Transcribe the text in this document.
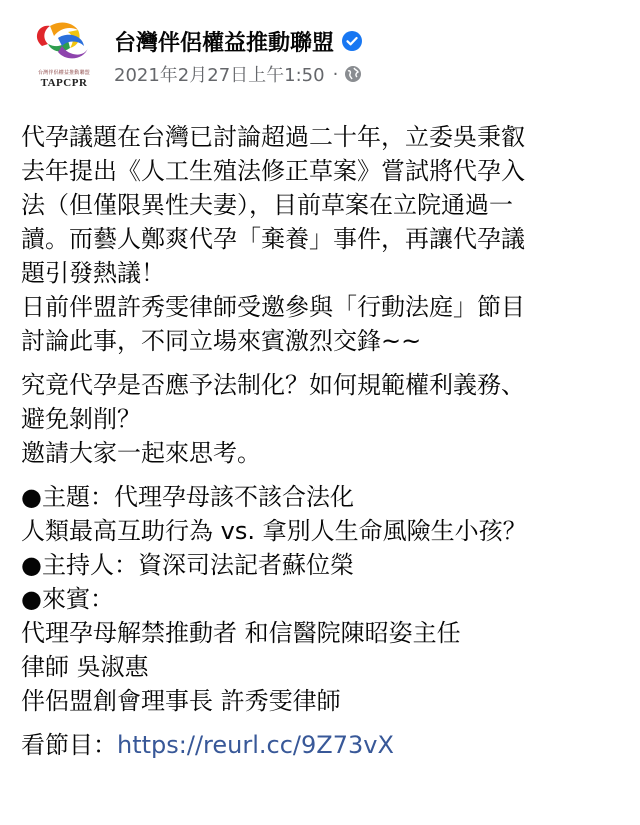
台灣伴侶權益推動聯盟
TAPCPR
台灣伴侶權益推動聯盟
2021年2月27日上午1:50 ·
代孕議題在台灣已討論超過二十年，立委吳秉叡
去年提出《人工生殖法修正草案》嘗試將代孕入
法（但僅限異性夫妻），目前草案在立院通過一
讀。而藝人鄭爽代孕「棄養」事件，再讓代孕議
題引發熱議！
日前伴盟許秀雯律師受邀參與「行動法庭」節目
討論此事，不同立場來賓激烈交鋒~~
究竟代孕是否應予法制化？如何規範權利義務、
避免剝削？
邀請大家一起來思考。
●主題：代理孕母該不該合法化
人類最高互助行為 vs. 拿別人生命風險生小孩？
●主持人：資深司法記者蘇位榮
●來賓：
代理孕母解禁推動者 和信醫院陳昭姿主任
律師 吳淑惠
伴侶盟創會理事長 許秀雯律師
看節目：https://reurl.cc/9Z73vX
